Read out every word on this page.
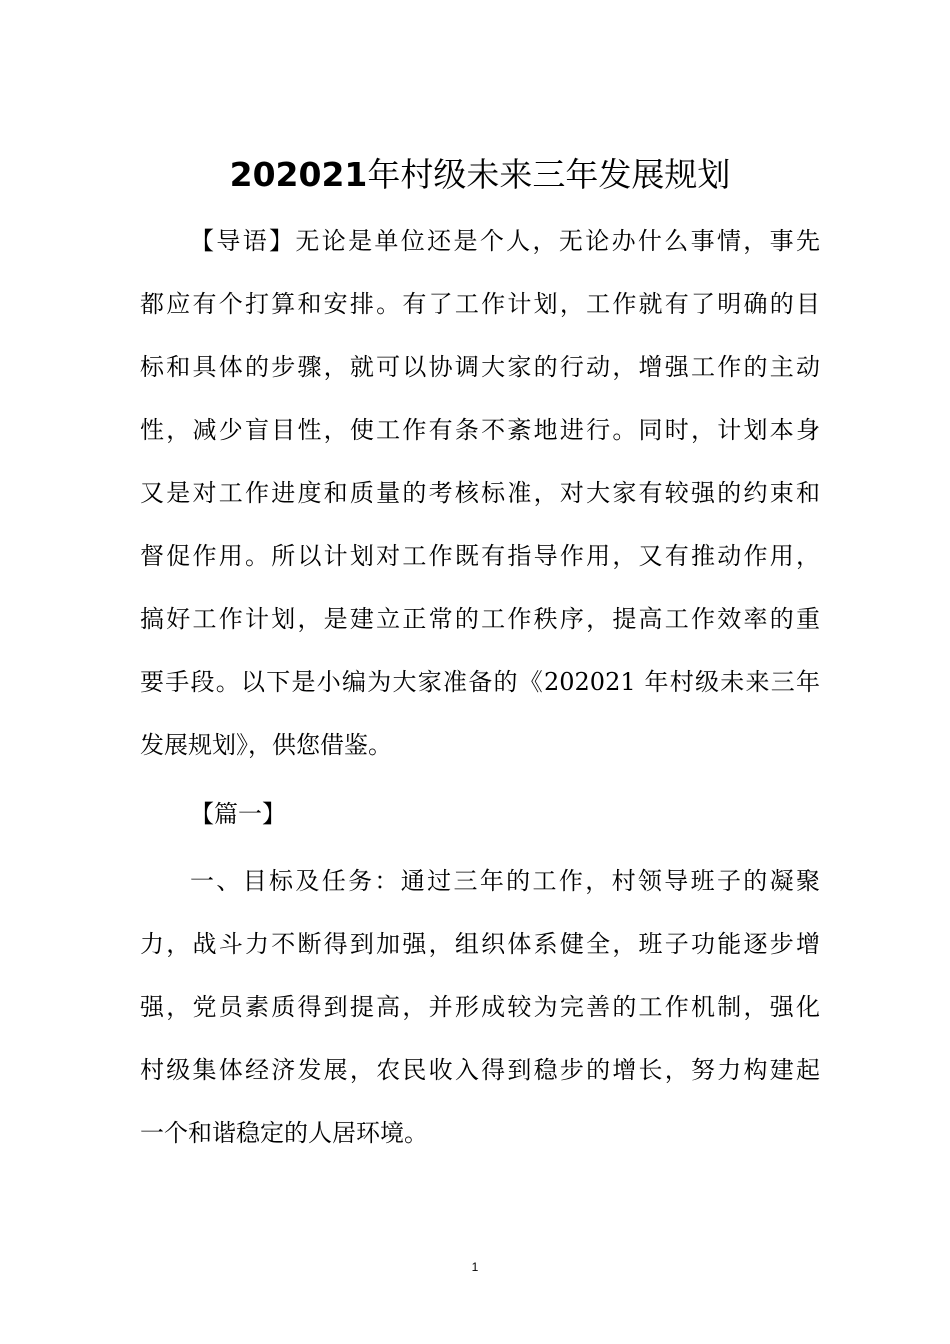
202021年村级未来三年发展规划
【导语】无论是单位还是个人，无论办什么事情，事先
都应有个打算和安排。有了工作计划，工作就有了明确的目
标和具体的步骤，就可以协调大家的行动，增强工作的主动
性，减少盲目性，使工作有条不紊地进行。同时，计划本身
又是对工作进度和质量的考核标准，对大家有较强的约束和
督促作用。所以计划对工作既有指导作用，又有推动作用，
搞好工作计划，是建立正常的工作秩序，提高工作效率的重
要手段。以下是小编为大家准备的《202021 年村级未来三年
发展规划》，供您借鉴。
【篇一】
一、目标及任务：通过三年的工作，村领导班子的凝聚
力，战斗力不断得到加强，组织体系健全，班子功能逐步增
强，党员素质得到提高，并形成较为完善的工作机制，强化
村级集体经济发展，农民收入得到稳步的增长，努力构建起
一个和谐稳定的人居环境。
1
